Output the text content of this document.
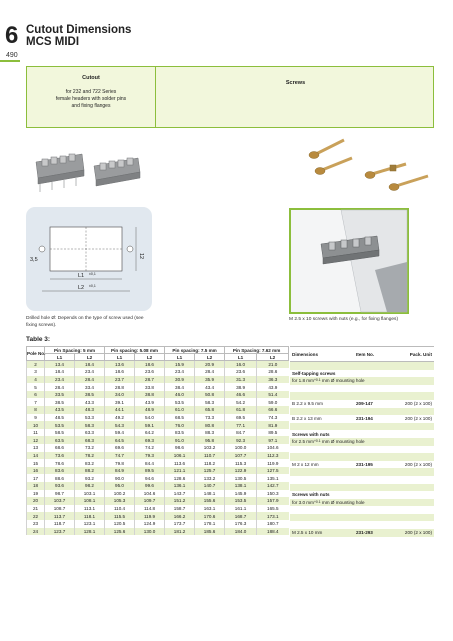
6
490
Cutout Dimensions
MCS MIDI
Cutout
for 232 and 722 Series
female headers with solder pins
and fixing flanges
Screws
3,5
L1 ±0,1
L2 ±0,1
12
Drilled hole Ø: Depends on the type of screw used (see
fixing screws).
M 2.5 x 10 screws with nuts (e.g., for fixing flanges)
Table 3:
Pole No.	Pin Spacing: 5 mm		Pin spacing: 5.08 mm		Pin spacing: 7.5 mm		Pin Spacing: 7.62 mm	
	L1	L2	L1	L2	L1	L2	L1	L2
2	13.4	18.4	13.6	18.6	15.9	20.9	16.0	21.0
3	18.4	23.4	18.6	23.6	23.4	28.4	23.6	28.6
4	23.4	28.4	23.7	28.7	30.9	35.9	31.3	36.3
5	28.4	33.4	28.8	33.8	38.4	43.4	38.9	43.9
6	33.5	38.5	34.0	38.8	46.0	50.8	46.6	51.4
7	38.5	43.3	39.1	43.9	53.5	58.3	54.2	59.0
8	43.5	48.3	44.1	48.9	61.0	65.8	61.8	66.6
9	48.5	53.3	49.2	54.0	68.5	73.3	69.5	74.3
10	53.5	58.3	54.3	59.1	76.0	80.8	77.1	81.9
11	58.5	63.3	59.4	64.2	83.5	88.3	84.7	89.5
12	63.5	68.3	64.5	69.3	91.0	95.8	92.3	97.1
13	68.6	73.2	69.6	74.2	98.6	103.2	100.0	104.6
14	73.6	78.2	74.7	79.3	106.1	110.7	107.7	112.3
15	78.6	83.2	79.8	84.4	113.6	118.2	115.3	119.9
16	83.6	88.2	84.9	89.5	121.1	125.7	122.9	127.5
17	88.6	93.2	90.0	94.6	128.6	133.2	130.5	135.1
18	93.6	98.2	95.0	99.6	136.1	140.7	138.1	142.7
19	98.7	103.1	100.2	104.6	143.7	148.1	145.9	150.3
20	103.7	108.1	105.3	109.7	151.2	155.6	153.5	157.9
21	108.7	113.1	110.4	114.8	158.7	163.1	161.1	165.5
22	113.7	118.1	115.5	119.9	166.2	170.6	168.7	173.1
23	118.7	123.1	120.5	124.9	173.7	178.1	176.3	180.7
24	123.7	128.1	125.6	130.0	181.2	185.6	184.0	188.4
Dimensions	Item No.	Pack. Unit
Self-tapping screws
for 1.8 $mm^{+0.1}$ mm Ø mounting hole
B 2.2 x 9.5 mm	209-147	200 (2 x 100)
B 2.2 x 13 mm	231-194	200 (2 x 100)
Screws with nuts
for 2.5 $mm^{+0.1}$ mm Ø mounting hole
M 2 x 12 mm	231-195	200 (2 x 100)
Screws with nuts
for 3.0 $mm^{+0.1}$ mm Ø mounting hole
M 2.5 x 10 mm	231-293	200 (2 x 100)
